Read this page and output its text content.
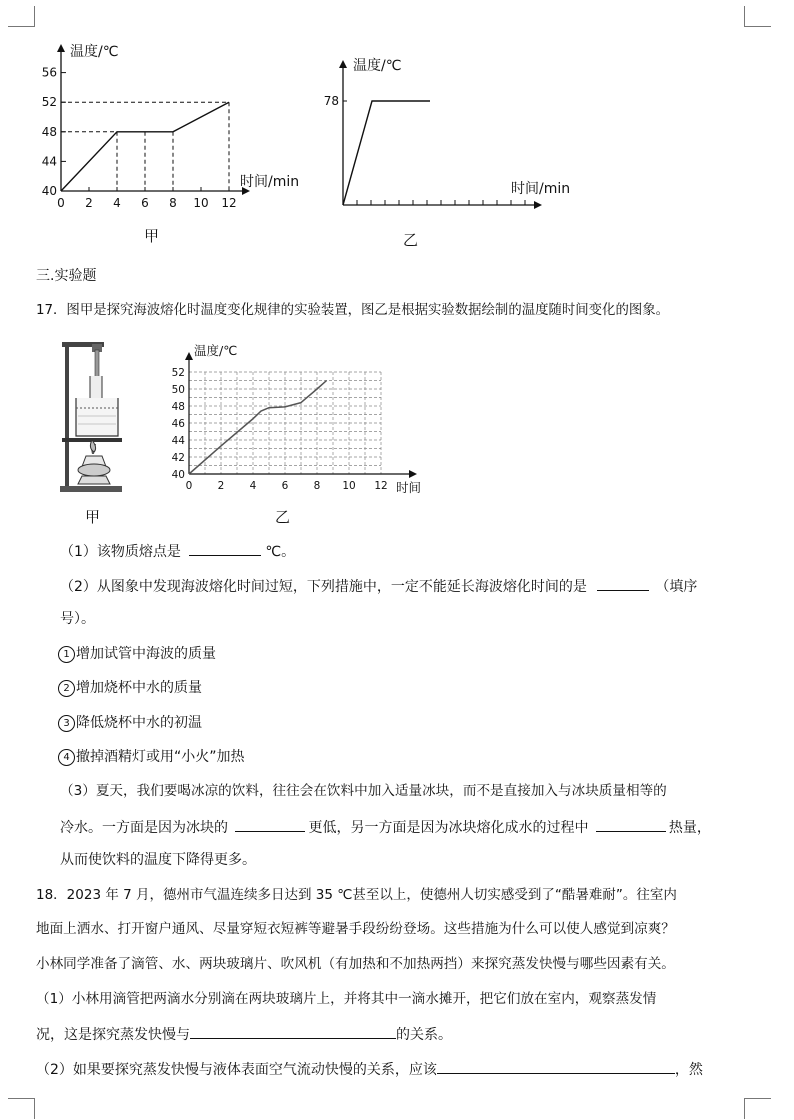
56
52
48
44
40
0 2 4 6 8 10 12
温度/℃
时间/min
甲
78
温度/℃
时间/min
乙
三.实验题
17．图甲是探究海波熔化时温度变化规律的实验装置，图乙是根据实验数据绘制的温度随时间变化的图象。
甲
52
50
48
46
44
42
40
0 2 4 6 8 10 12
温度/℃
时间
乙
（1）该物质熔点是	℃。
（2）从图象中发现海波熔化时间过短，下列措施中，一定不能延长海波熔化时间的是	（填序
号）。
1 增加试管中海波的质量
2 增加烧杯中水的质量
3 降低烧杯中水的初温
4 撤掉酒精灯或用“小火”加热
（3）夏天，我们要喝冰凉的饮料，往往会在饮料中加入适量冰块，而不是直接加入与冰块质量相等的
冷水。一方面是因为冰块的	更低，另一方面是因为冰块熔化成水的过程中	热量，
从而使饮料的温度下降得更多。
18．2023 年 7 月，德州市气温连续多日达到 35 ℃甚至以上，使德州人切实感受到了“酷暑难耐”。往室内
地面上洒水、打开窗户通风、尽量穿短衣短裤等避暑手段纷纷登场。这些措施为什么可以使人感觉到凉爽？
小林同学准备了滴管、水、两块玻璃片、吹风机（有加热和不加热两挡）来探究蒸发快慢与哪些因素有关。
（1）小林用滴管把两滴水分别滴在两块玻璃片上，并将其中一滴水摊开，把它们放在室内，观察蒸发情
况，这是探究蒸发快慢与	的关系。
（2）如果要探究蒸发快慢与液体表面空气流动快慢的关系，应该	，然
